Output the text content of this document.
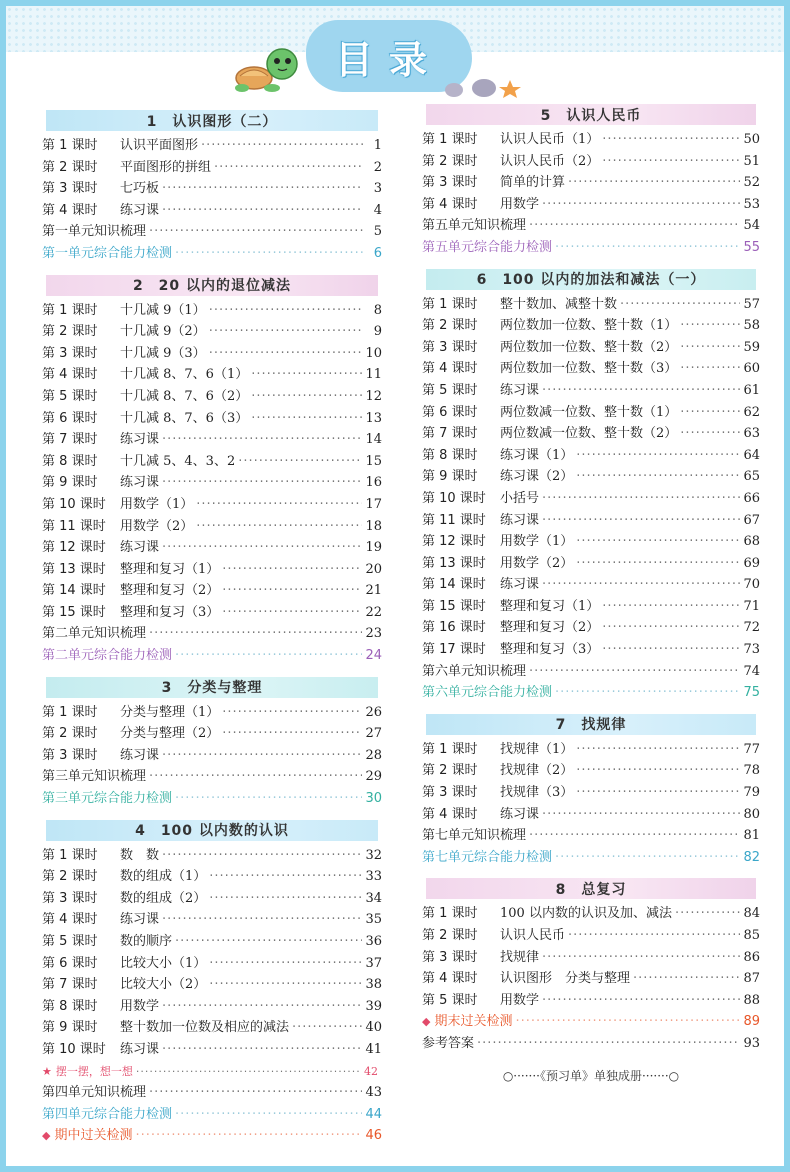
目录
1　认识图形（二）
第 1 课时	认识平面图形 ·····	1
第 2 课时	平面图形的拼组 ·····	2
第 3 课时	七巧板 ·····	3
第 4 课时	练习课 ·····	4
第一单元知识梳理 ·····	5
第一单元综合能力检测 ·····	6
2　20 以内的退位减法
第 1 课时	十几减 9（1） ·····	8
第 2 课时	十几减 9（2） ·····	9
第 3 课时	十几减 9（3） ·····	10
第 4 课时	十几减 8、7、6（1） ·····	11
第 5 课时	十几减 8、7、6（2） ·····	12
第 6 课时	十几减 8、7、6（3） ·····	13
第 7 课时	练习课 ·····	14
第 8 课时	十几减 5、4、3、2 ·····	15
第 9 课时	练习课 ·····	16
第 10 课时	用数学（1） ·····	17
第 11 课时	用数学（2） ·····	18
第 12 课时	练习课 ·····	19
第 13 课时	整理和复习（1） ·····	20
第 14 课时	整理和复习（2） ·····	21
第 15 课时	整理和复习（3） ·····	22
第二单元知识梳理 ·····	23
第二单元综合能力检测 ·····	24
3　分类与整理
第 1 课时	分类与整理（1） ·····	26
第 2 课时	分类与整理（2） ·····	27
第 3 课时	练习课 ·····	28
第三单元知识梳理 ·····	29
第三单元综合能力检测 ·····	30
4　100 以内数的认识
第 1 课时	数　数 ·····	32
第 2 课时	数的组成（1） ·····	33
第 3 课时	数的组成（2） ·····	34
第 4 课时	练习课 ·····	35
第 5 课时	数的顺序 ·····	36
第 6 课时	比较大小（1） ·····	37
第 7 课时	比较大小（2） ·····	38
第 8 课时	用数学 ·····	39
第 9 课时	整十数加一位数及相应的减法 ·····	40
第 10 课时	练习课 ·····	41
★ 摆一摆，想一想 ·····	42
第四单元知识梳理 ·····	43
第四单元综合能力检测 ·····	44
◆ 期中过关检测 ·····	46
5　认识人民币
第 1 课时	认识人民币（1） ·····	50
第 2 课时	认识人民币（2） ·····	51
第 3 课时	简单的计算 ·····	52
第 4 课时	用数学 ·····	53
第五单元知识梳理 ·····	54
第五单元综合能力检测 ·····	55
6　100 以内的加法和减法（一）
第 1 课时	整十数加、减整十数 ·····	57
第 2 课时	两位数加一位数、整十数（1） ·····	58
第 3 课时	两位数加一位数、整十数（2） ·····	59
第 4 课时	两位数加一位数、整十数（3） ·····	60
第 5 课时	练习课 ·····	61
第 6 课时	两位数减一位数、整十数（1） ·····	62
第 7 课时	两位数减一位数、整十数（2） ·····	63
第 8 课时	练习课（1） ·····	64
第 9 课时	练习课（2） ·····	65
第 10 课时	小括号 ·····	66
第 11 课时	练习课 ·····	67
第 12 课时	用数学（1） ·····	68
第 13 课时	用数学（2） ·····	69
第 14 课时	练习课 ·····	70
第 15 课时	整理和复习（1） ·····	71
第 16 课时	整理和复习（2） ·····	72
第 17 课时	整理和复习（3） ·····	73
第六单元知识梳理 ·····	74
第六单元综合能力检测 ·····	75
7　找规律
第 1 课时	找规律（1） ·····	77
第 2 课时	找规律（2） ·····	78
第 3 课时	找规律（3） ·····	79
第 4 课时	练习课 ·····	80
第七单元知识梳理 ·····	81
第七单元综合能力检测 ·····	82
8　总复习
第 1 课时	100 以内数的认识及加、减法 ·····	84
第 2 课时	认识人民币 ·····	85
第 3 课时	找规律 ·····	86
第 4 课时	认识图形　分类与整理 ·····	87
第 5 课时	用数学 ·····	88
◆ 期末过关检测 ·····	89
参考答案 ·····	93
○·······《预习单》单独成册·······○
